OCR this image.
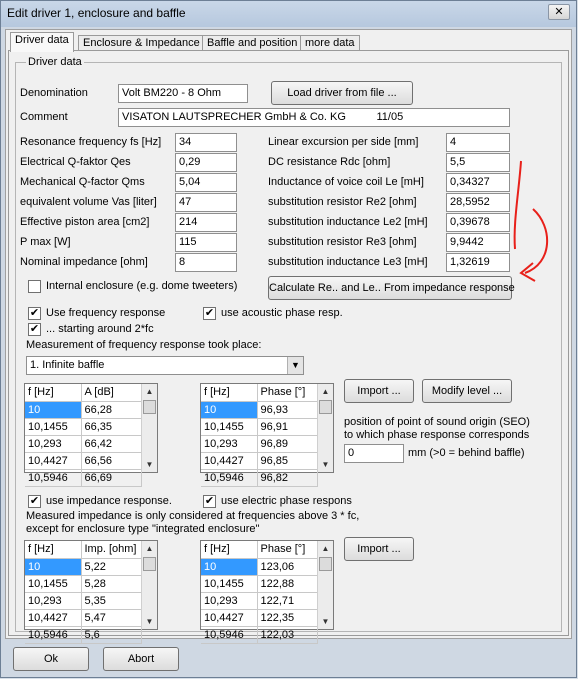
Edit driver 1, enclosure and baffle	✕
Driver data	Enclosure & Impedance Baffle and position more data
Driver data
Denomination	Volt BM220 - 8 Ohm	Load driver from file ...
Comment	VISATON LAUTSPRECHER GmbH & Co. KG          11/05
Resonance frequency fs [Hz]	34
Electrical Q-faktor Qes	0,29
Mechanical Q-factor Qms	5,04
equivalent volume Vas [liter]	47
Effective piston area [cm2]	214
P max [W]	115
Nominal impedance [ohm]	8
Linear excursion per side [mm]	4
DC resistance Rdc [ohm]	5,5
Inductance of voice coil Le [mH]	0,34327
substitution resistor Re2 [ohm]	28,5952
substitution inductance Le2 [mH]	0,39678
substitution resistor Re3 [ohm]	9,9442
substitution inductance Le3 [mH]	1,32619
Internal enclosure (e.g. dome tweeters)	Calculate Re.. and Le.. From impedance response
✔ Use frequency response	✔ use acoustic phase resp.
✔ ... starting around 2*fc
Measurement of frequency response took place:
1. Infinite baffle	▼
f [Hz]	A [dB]
10	66,28
10,1455	66,35
10,293	66,42
10,4427	66,56
10,5946	66,69
▲
▼
f [Hz]	Phase [°]
10	96,93
10,1455	96,91
10,293	96,89
10,4427	96,85
10,5946	96,82
▲
▼
Import ...	Modify level ...
position of point of sound origin (SEO)
to which phase response corresponds
0	mm (>0 = behind baffle)
✔ use impedance response.	✔ use electric phase respons
Measured impedance is only considered at frequencies above 3 * fc,
except for enclosure type "integrated enclosure"
f [Hz]	Imp. [ohm]
10	5,22
10,1455	5,28
10,293	5,35
10,4427	5,47
10,5946	5,6
▲
▼
f [Hz]	Phase [°]
10	123,06
10,1455	122,88
10,293	122,71
10,4427	122,35
10,5946	122,03
▲
▼
Import ...
Ok	Abort
